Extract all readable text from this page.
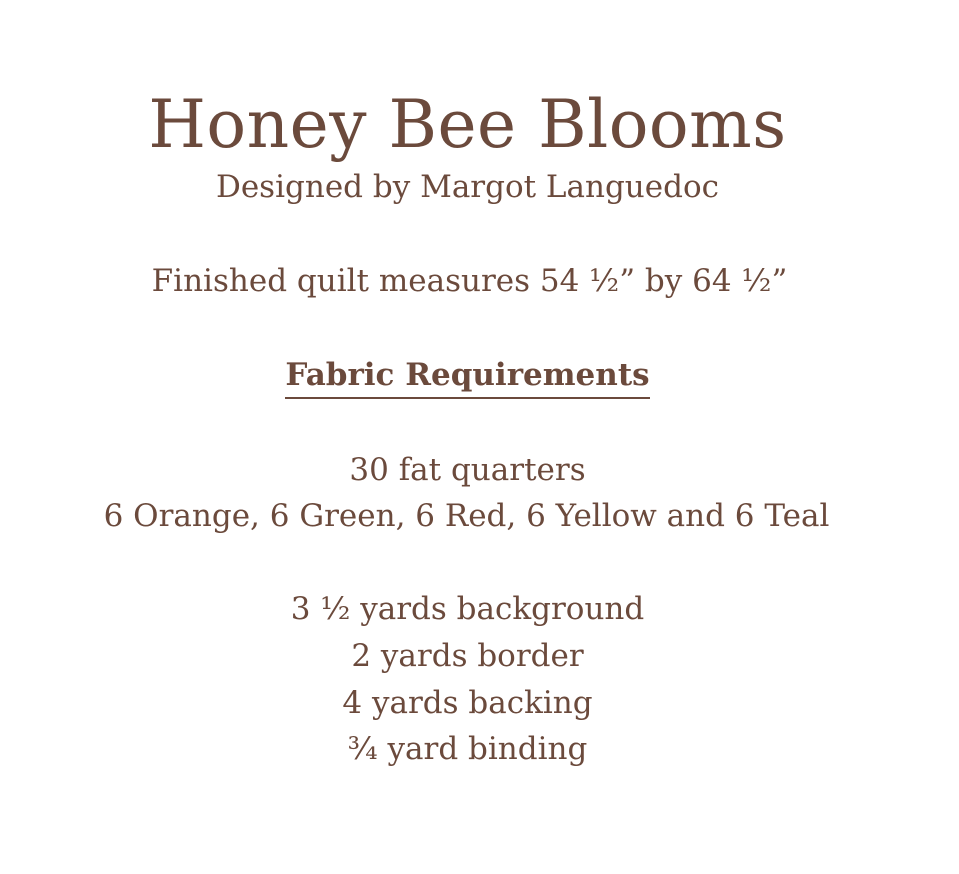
Honey Bee Blooms
Designed by Margot Languedoc
Finished quilt measures 54 ½” by 64 ½”
Fabric Requirements
30 fat quarters
6 Orange, 6 Green, 6 Red, 6 Yellow and 6 Teal
3 ½ yards background
2 yards border
4 yards backing
¾ yard binding
